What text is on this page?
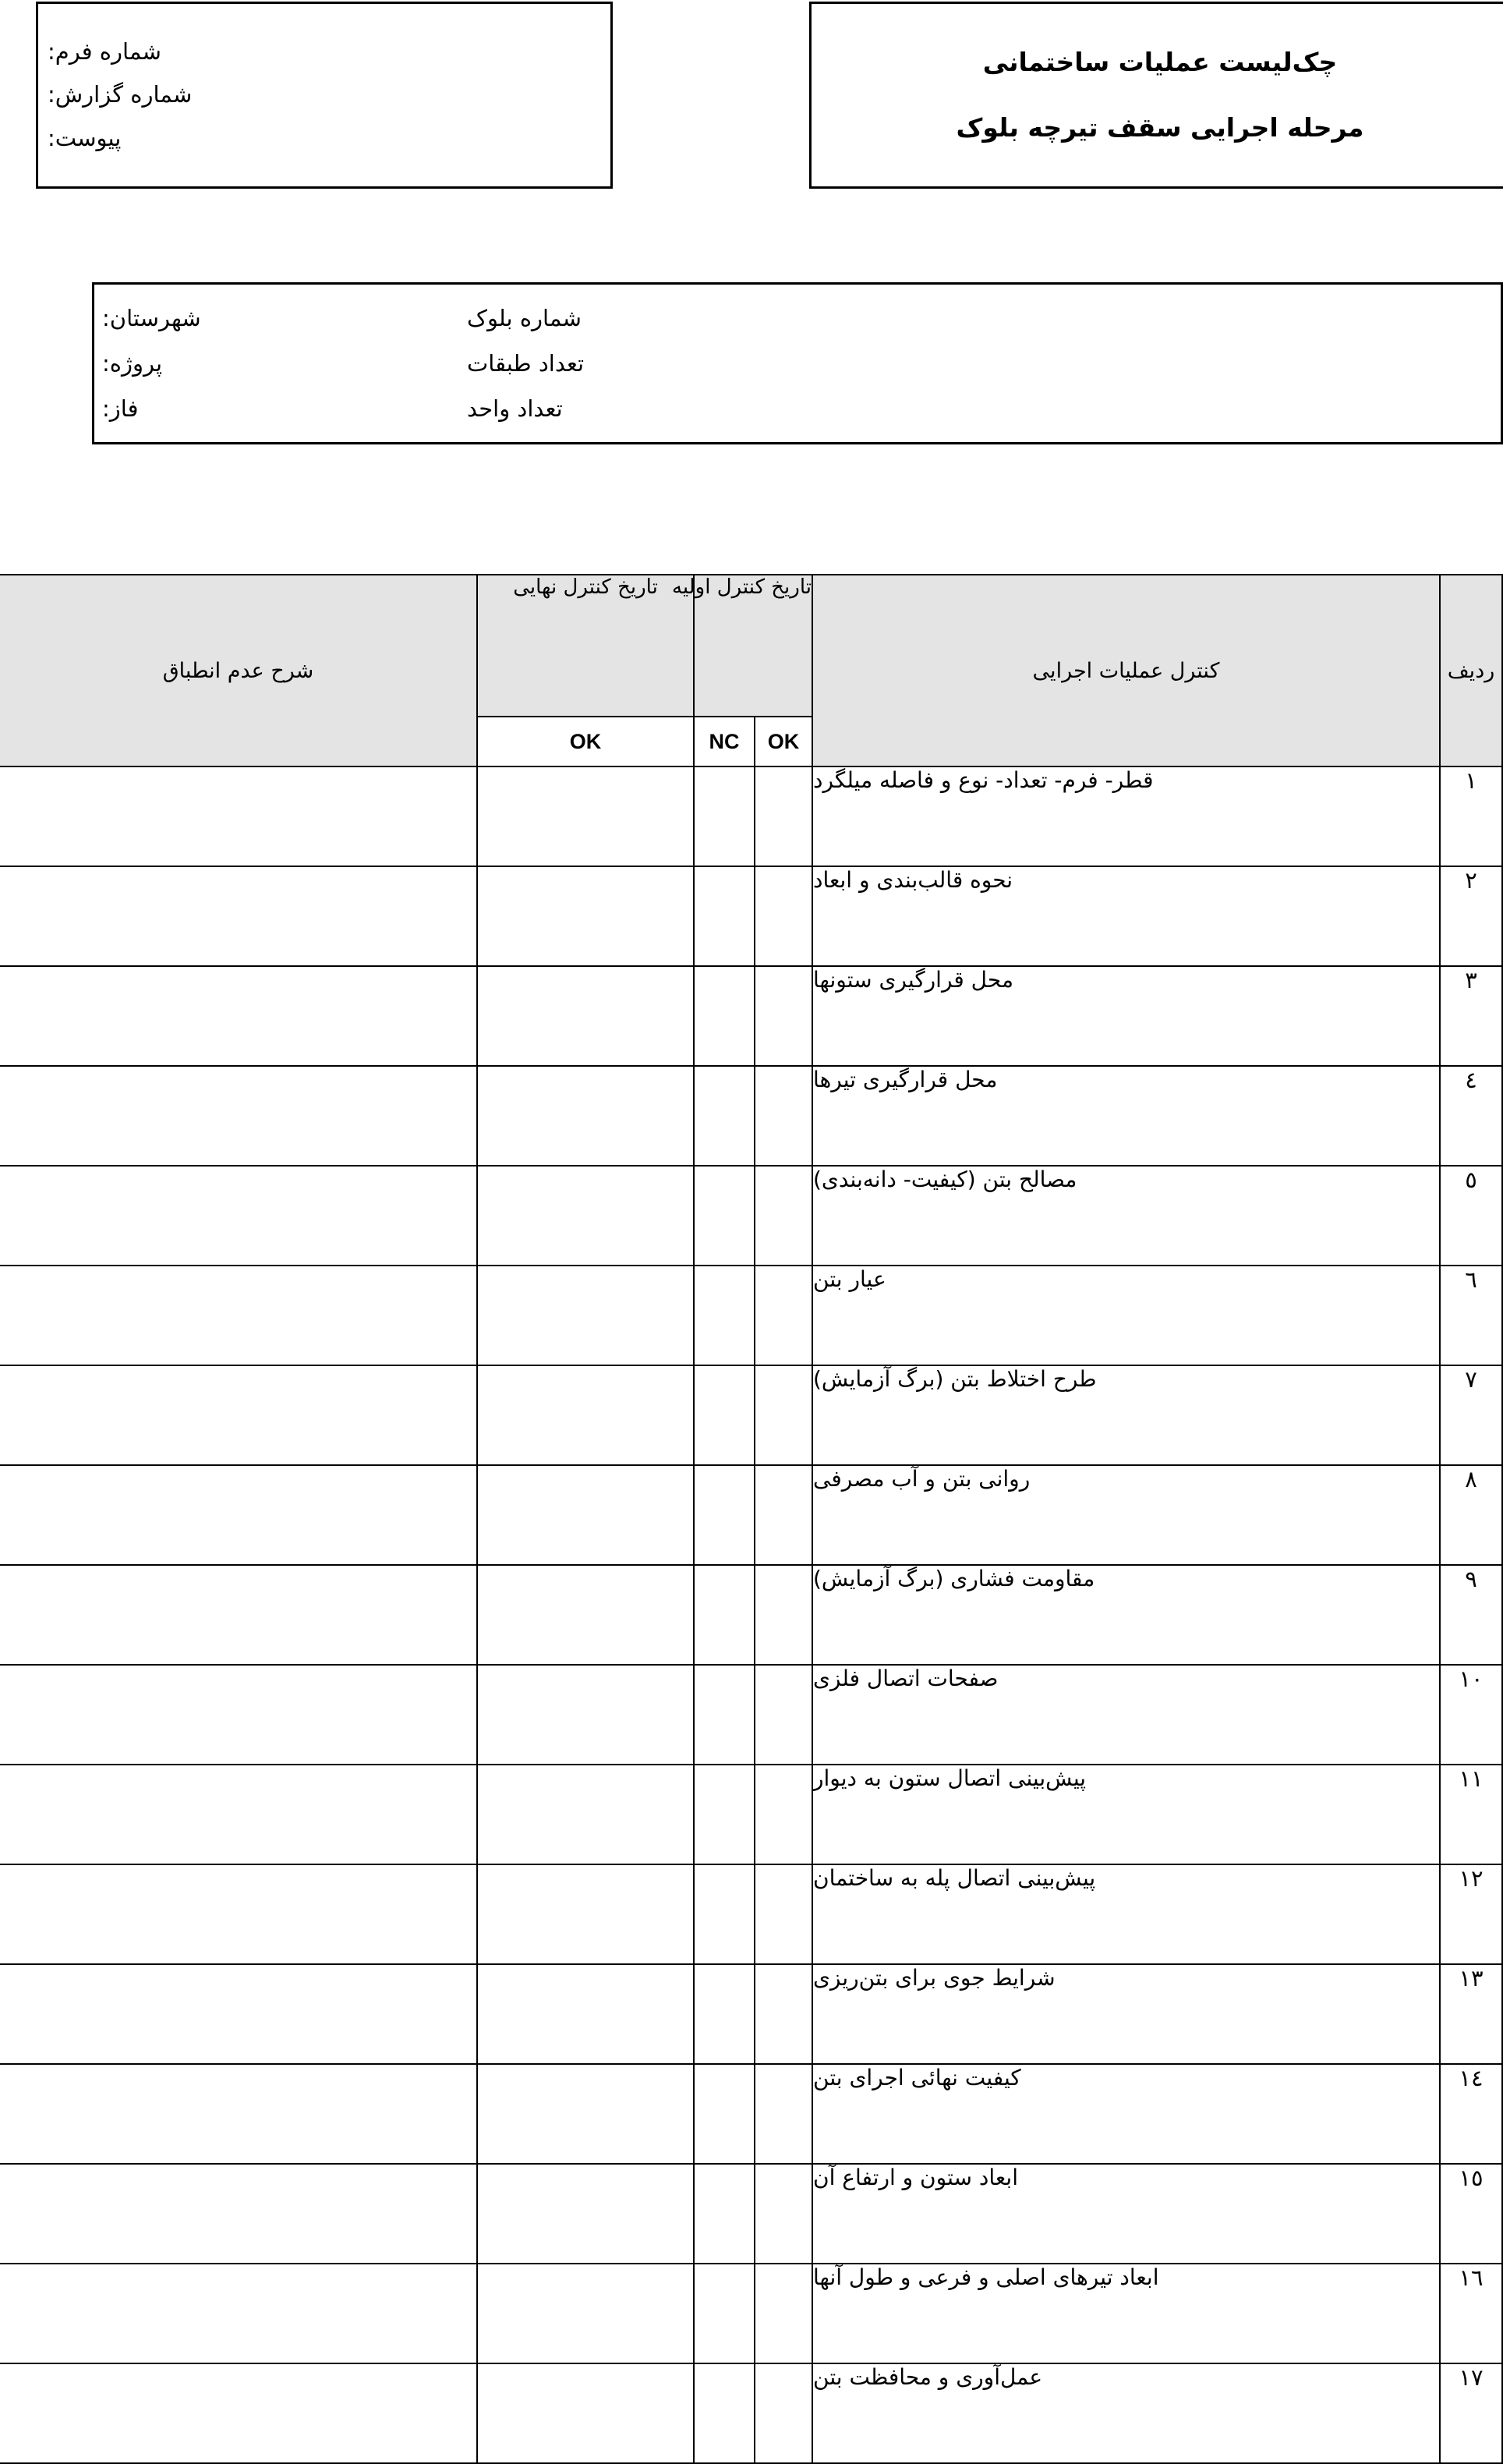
چک‌لیست عملیات ساختمانی
مرحله اجرایی سقف تیرچه بلوک
شماره فرم:
شماره گزارش:
پیوست:
شماره بلوک
شهرستان:
تعداد طبقات
پروژه:
تعداد واحد
فاز:
ردیف	کنترل عملیات اجرایی	تاریخ کنترل اولیه		تاریخ کنترل نهایی	شرح عدم انطباق
		OK	NC	OK	
١	قطر- فرم- تعداد- نوع و فاصله میلگرد				
٢	نحوه قالب‌بندی و ابعاد				
٣	محل قرارگیری ستونها				
٤	محل قرارگیری تیرها				
٥	مصالح بتن (کیفیت- دانه‌بندی)				
٦	عیار بتن				
٧	طرح اختلاط بتن (برگ آزمایش)				
٨	روانی بتن و آب مصرفی				
٩	مقاومت فشاری (برگ آزمایش)				
١٠	صفحات اتصال فلزی				
١١	پیش‌بینی اتصال ستون به دیوار				
١٢	پیش‌بینی اتصال پله به ساختمان				
١٣	شرایط جوی برای بتن‌ریزی				
١٤	کیفیت نهائی اجرای بتن				
١٥	ابعاد ستون و ارتفاع آن				
١٦	ابعاد تیرهای اصلی و فرعی و طول آنها				
١٧	عمل‌آوری و محافظت بتن				
